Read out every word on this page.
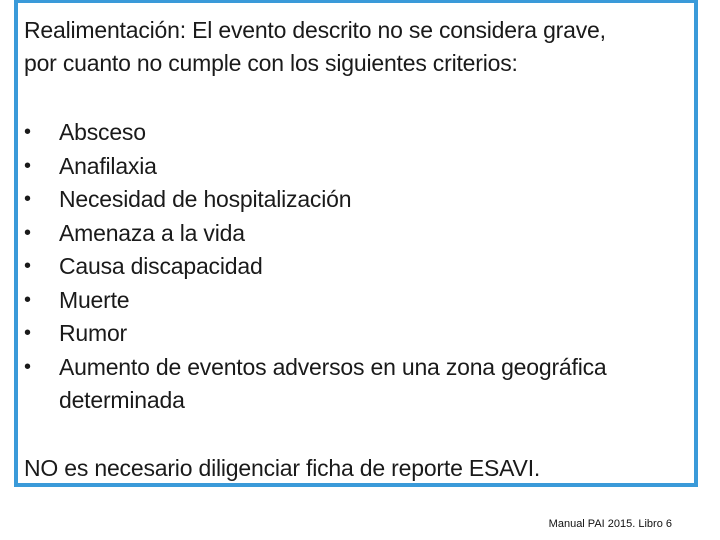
Realimentación: El evento descrito no se considera grave,
por cuanto no cumple con los siguientes criterios:

•	Absceso
•	Anafilaxia
•	Necesidad de hospitalización
•	Amenaza a la vida
•	Causa discapacidad
•	Muerte
•	Rumor
•	Aumento de eventos adversos en una zona geográfica determinada

NO es necesario diligenciar ficha de reporte ESAVI.

Manual PAI 2015. Libro 6
